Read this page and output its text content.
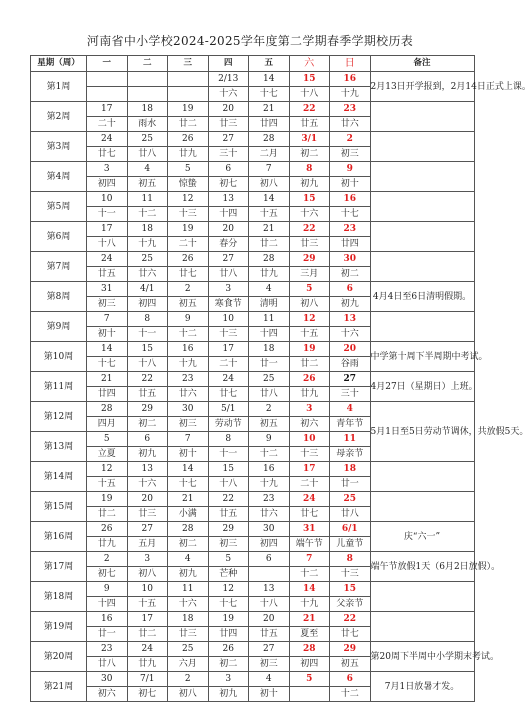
河南省中小学校2024-2025学年度第二学期春季学期校历表
星期（周）	一	二	三	四	五	六	日	备注
第1周				2/13	14	15	16	2月13日开学报到，2月14日正式上课。
				十六	十七	十八	十九	
第2周	17	18	19	20	21	22	23	
	二十	雨水	廿二	廿三	廿四	廿五	廿六	
第3周	24	25	26	27	28	3/1	2	
	廿七	廿八	廿九	三十	二月	初二	初三	
第4周	3	4	5	6	7	8	9	
	初四	初五	惊蛰	初七	初八	初九	初十	
第5周	10	11	12	13	14	15	16	
	十一	十二	十三	十四	十五	十六	十七	
第6周	17	18	19	20	21	22	23	
	十八	十九	二十	春分	廿二	廿三	廿四	
第7周	24	25	26	27	28	29	30	
	廿五	廿六	廿七	廿八	廿九	三月	初二	
第8周	31	4/1	2	3	4	5	6	4月4日至6日清明假期。
	初三	初四	初五	寒食节	清明	初八	初九	
第9周	7	8	9	10	11	12	13	
	初十	十一	十二	十三	十四	十五	十六	
第10周	14	15	16	17	18	19	20	中学第十周下半周期中考试。
	十七	十八	十九	二十	廿一	廿二	谷雨	
第11周	21	22	23	24	25	26	27	4月27日（星期日）上班。
	廿四	廿五	廿六	廿七	廿八	廿九	三十	
第12周	28	29	30	5/1	2	3	4	5月1日至5日劳动节调休，共放假5天。
	四月	初二	初三	劳动节	初五	初六	青年节	
第13周	5	6	7	8	9	10	11	
	立夏	初九	初十	十一	十二	十三	母亲节	
第14周	12	13	14	15	16	17	18	
	十五	十六	十七	十八	十九	二十	廿一	
第15周	19	20	21	22	23	24	25	
	廿二	廿三	小满	廿五	廿六	廿七	廿八	
第16周	26	27	28	29	30	31	6/1	庆“六一”
	廿九	五月	初二	初三	初四	端午节	儿童节	
第17周	2	3	4	5	6	7	8	端午节放假1天（6月2日放假）。
	初七	初八	初九	芒种		十二	十三	
第18周	9	10	11	12	13	14	15	
	十四	十五	十六	十七	十八	十九	父亲节	
第19周	16	17	18	19	20	21	22	
	廿一	廿二	廿三	廿四	廿五	夏至	廿七	
第20周	23	24	25	26	27	28	29	第20周下半周中小学期末考试。
	廿八	廿九	六月	初二	初三	初四	初五	
第21周	30	7/1	2	3	4	5	6	7月1日放暑才发。
	初六	初七	初八	初九	初十		十二	
